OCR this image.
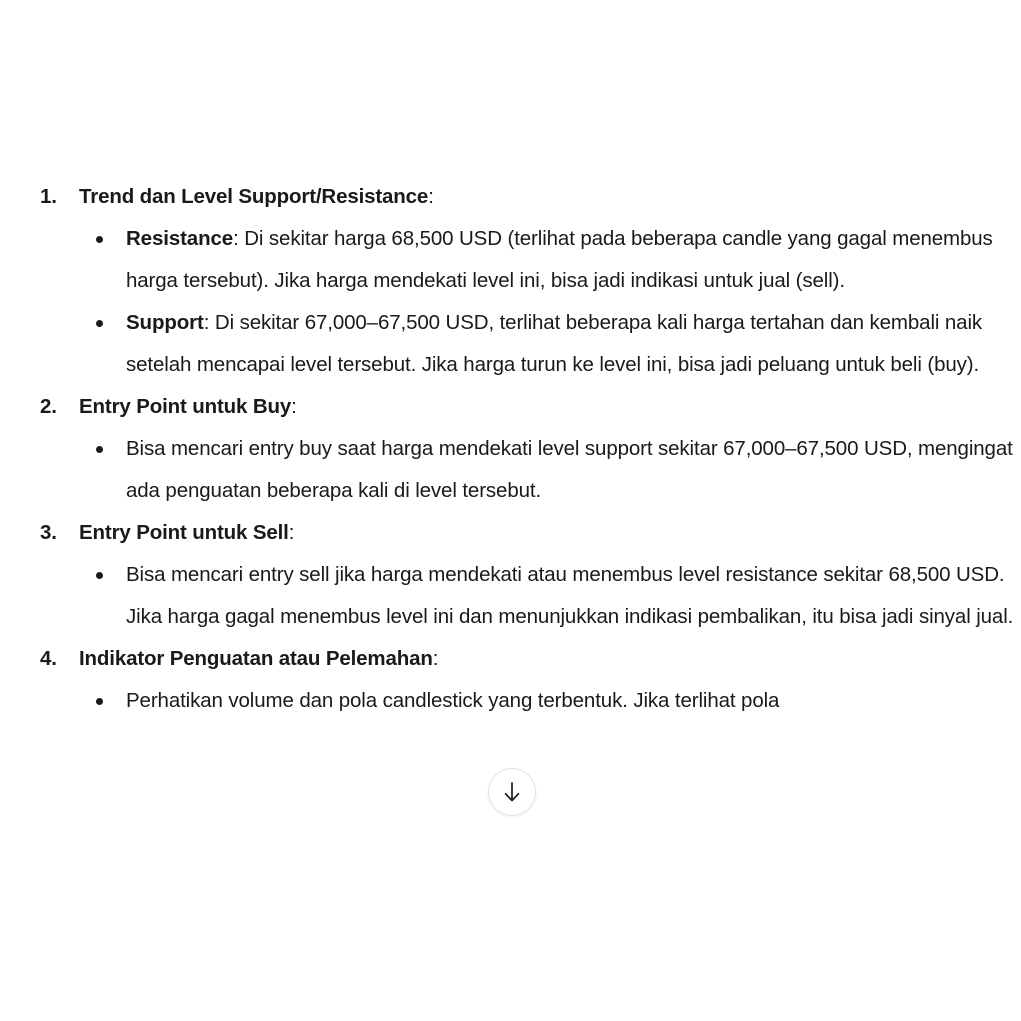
1.	Trend dan Level Support/Resistance:
Resistance: Di sekitar harga 68,500 USD (terlihat pada beberapa candle yang gagal menembus harga tersebut). Jika harga mendekati level ini, bisa jadi indikasi untuk jual (sell).
Support: Di sekitar 67,000–67,500 USD, terlihat beberapa kali harga tertahan dan kembali naik setelah mencapai level tersebut. Jika harga turun ke level ini, bisa jadi peluang untuk beli (buy).
2.	Entry Point untuk Buy:
Bisa mencari entry buy saat harga mendekati level support sekitar 67,000–67,500 USD, mengingat ada penguatan beberapa kali di level tersebut.
3.	Entry Point untuk Sell:
Bisa mencari entry sell jika harga mendekati atau menembus level resistance sekitar 68,500 USD. Jika harga gagal menembus level ini dan menunjukkan indikasi pembalikan, itu bisa jadi sinyal jual.
4.	Indikator Penguatan atau Pelemahan:
Perhatikan volume dan pola candlestick yang terbentuk. Jika terlihat pola
